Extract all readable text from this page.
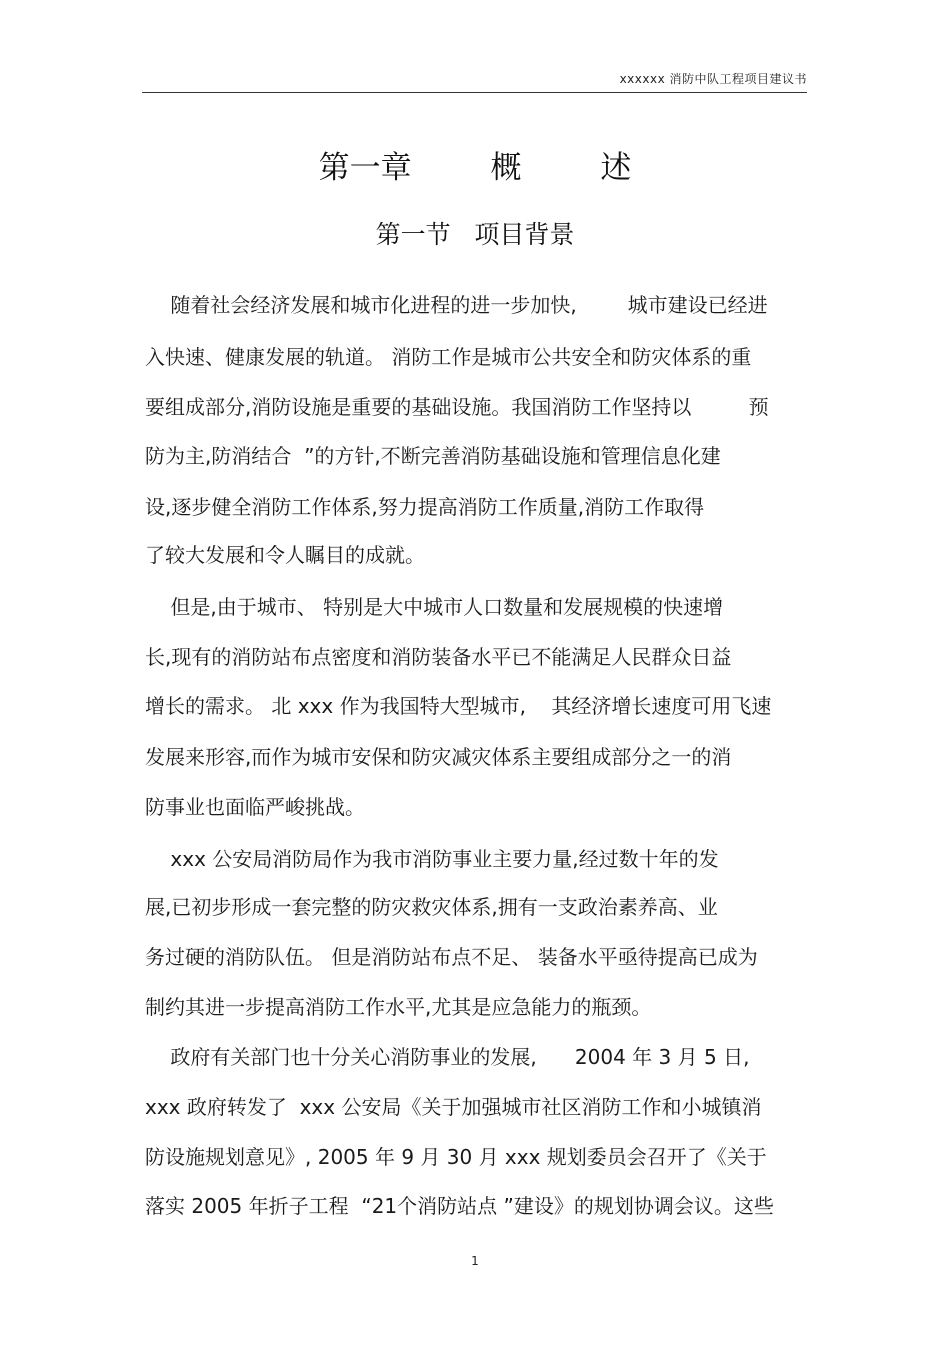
xxxxxx 消防中队工程项目建议书
第一章        概        述
第一节   项目背景
随着社会经济发展和城市化进程的进一步加快,        城市建设已经进
入快速、健康发展的轨道。 消防工作是城市公共安全和防灾体系的重
要组成部分,消防设施是重要的基础设施。我国消防工作坚持以         预
防为主,防消结合  ”的方针,不断完善消防基础设施和管理信息化建
设,逐步健全消防工作体系,努力提高消防工作质量,消防工作取得
了较大发展和令人瞩目的成就。
但是,由于城市、 特别是大中城市人口数量和发展规模的快速增
长,现有的消防站布点密度和消防装备水平已不能满足人民群众日益
增长的需求。 北 xxx 作为我国特大型城市,    其经济增长速度可用飞速
发展来形容,而作为城市安保和防灾减灾体系主要组成部分之一的消
防事业也面临严峻挑战。
xxx 公安局消防局作为我市消防事业主要力量,经过数十年的发
展,已初步形成一套完整的防灾救灾体系,拥有一支政治素养高、业
务过硬的消防队伍。 但是消防站布点不足、 装备水平亟待提高已成为
制约其进一步提高消防工作水平,尤其是应急能力的瓶颈。
政府有关部门也十分关心消防事业的发展,      2004 年 3 月 5 日,
xxx 政府转发了  xxx 公安局《关于加强城市社区消防工作和小城镇消
防设施规划意见》, 2005 年 9 月 30 月 xxx 规划委员会召开了《关于
落实 2005 年折子工程  “21个消防站点 ”建设》的规划协调会议。这些
1
